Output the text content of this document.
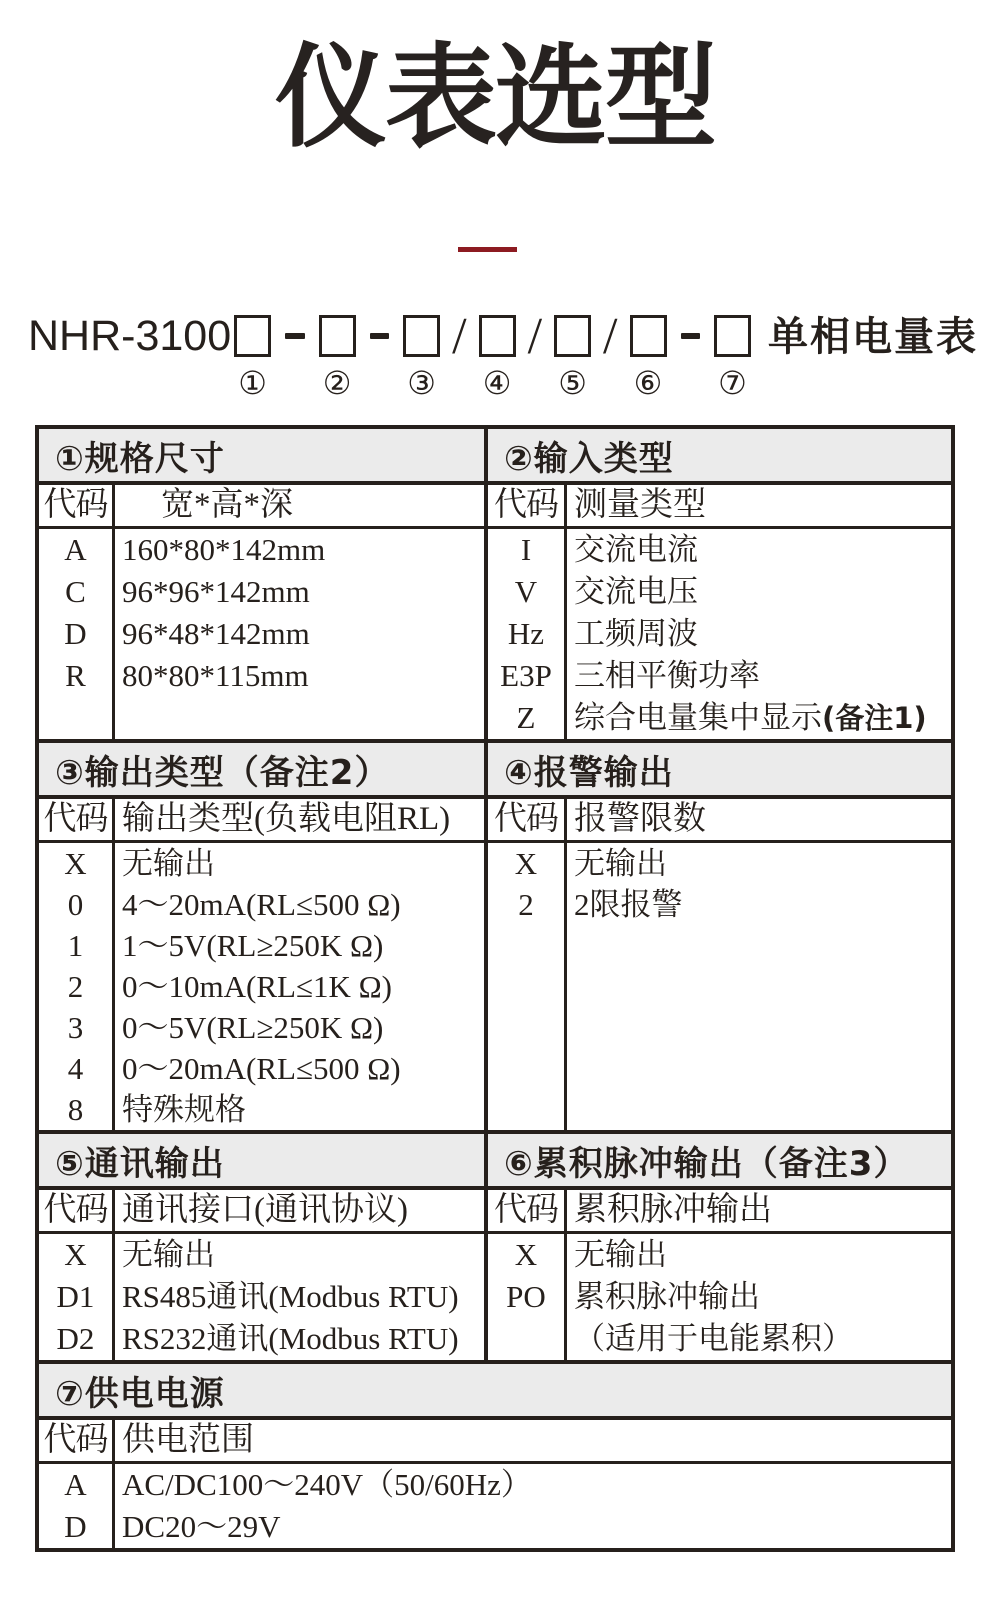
仪表选型
NHR-3100
① ② ③
/
④
/
⑤
/
⑥ ⑦
单相电量表
①规格尺寸
代码	宽*高*深
A
C
D
R
160*80*142mm
96*96*142mm
96*48*142mm
80*80*115mm
②输入类型
代码 测量类型
I
V
Hz
E3P
Z
交流电流
交流电压
工频周波
三相平衡功率
综合电量集中显示(备注1)
③输出类型（备注2）
代码 输出类型(负载电阻RL)
X
0
1
2
3
4
8
无输出
4～20mA(RL≤500 Ω)
1～5V(RL≥250K Ω)
0～10mA(RL≤1K Ω)
0～5V(RL≥250K Ω)
0～20mA(RL≤500 Ω)
特殊规格
④报警输出
代码 报警限数
X
2
无输出
2限报警
⑤通讯输出
代码 通讯接口(通讯协议)
X
D1
D2
无输出
RS485通讯(Modbus RTU)
RS232通讯(Modbus RTU)
⑥累积脉冲输出（备注3）
代码 累积脉冲输出
X
PO
无输出
累积脉冲输出
（适用于电能累积）
⑦供电电源
代码 供电范围
A
D
AC/DC100～240V（50/60Hz）
DC20～29V
